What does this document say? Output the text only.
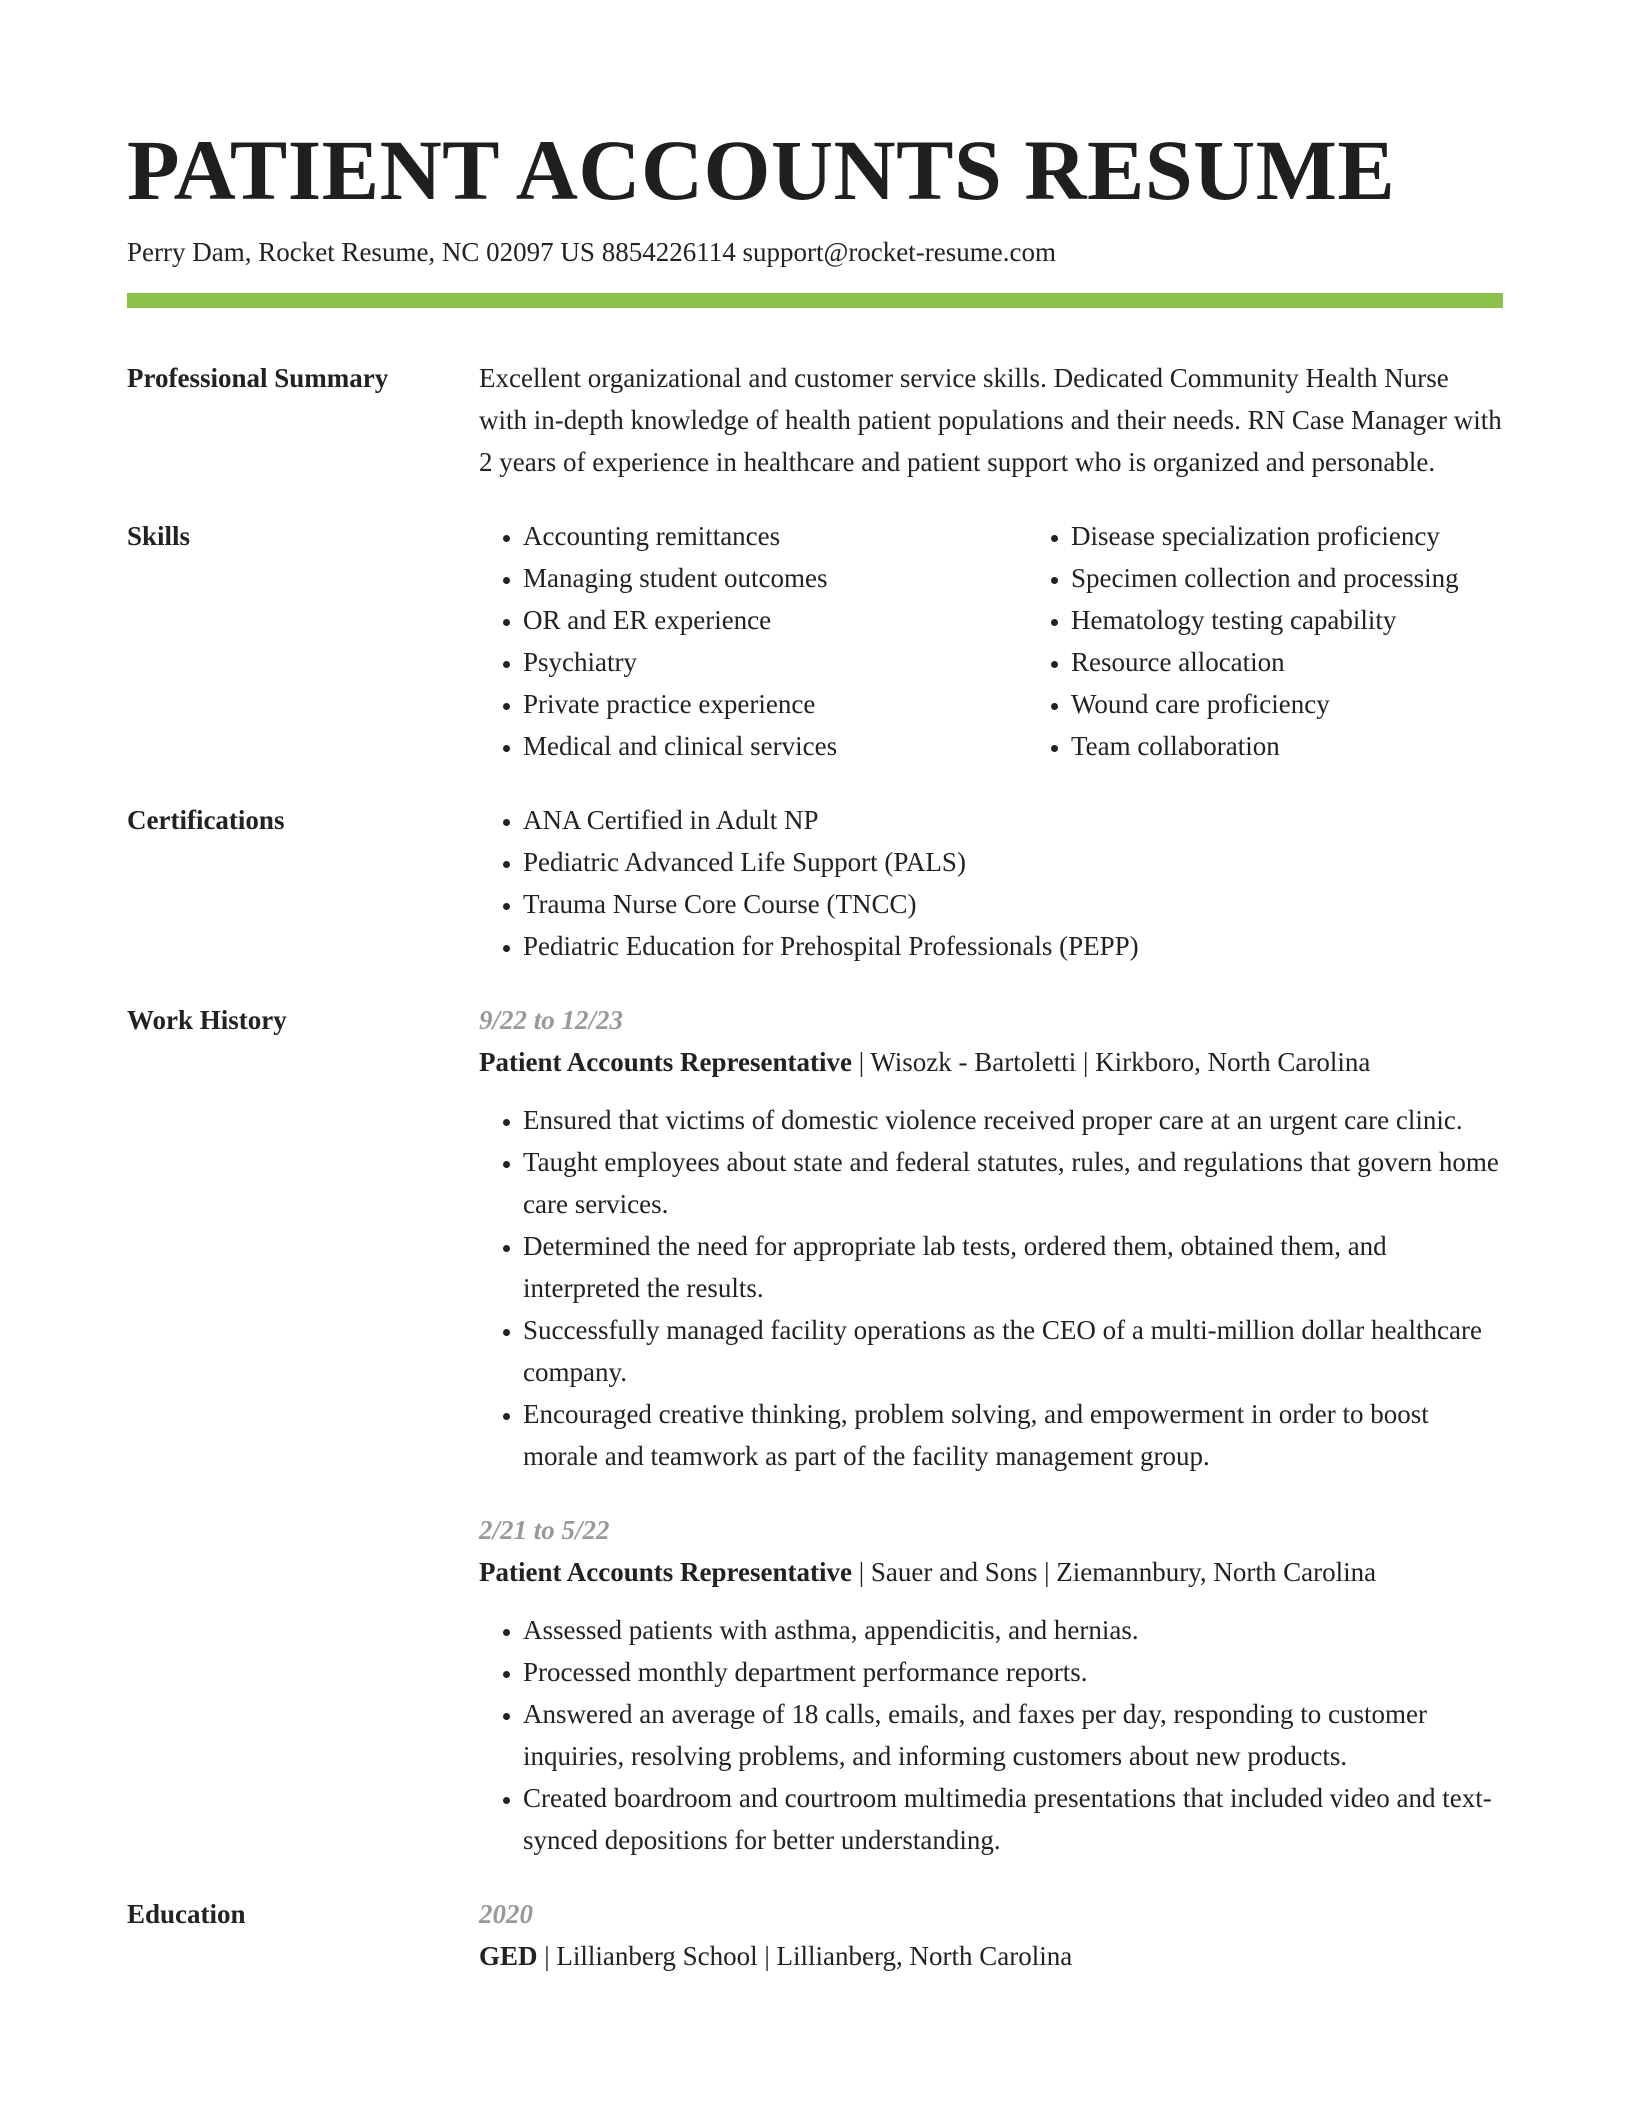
PATIENT ACCOUNTS RESUME
Perry Dam, Rocket Resume, NC 02097 US 8854226114 support@rocket-resume.com
Professional Summary	Excellent organizational and customer service skills. Dedicated Community Health Nurse with in-depth knowledge of health patient populations and their needs. RN Case Manager with 2 years of experience in healthcare and patient support who is organized and personable.
Skills	• Accounting remittances
• Managing student outcomes
• OR and ER experience
• Psychiatry
• Private practice experience
• Medical and clinical services
• Disease specialization proficiency
• Specimen collection and processing
• Hematology testing capability
• Resource allocation
• Wound care proficiency
• Team collaboration
Certifications	• ANA Certified in Adult NP
• Pediatric Advanced Life Support (PALS)
• Trauma Nurse Core Course (TNCC)
• Pediatric Education for Prehospital Professionals (PEPP)
Work History	9/22 to 12/23
Patient Accounts Representative | Wisozk - Bartoletti | Kirkboro, North Carolina
• Ensured that victims of domestic violence received proper care at an urgent care clinic.
• Taught employees about state and federal statutes, rules, and regulations that govern home care services.
• Determined the need for appropriate lab tests, ordered them, obtained them, and interpreted the results.
• Successfully managed facility operations as the CEO of a multi-million dollar healthcare company.
• Encouraged creative thinking, problem solving, and empowerment in order to boost morale and teamwork as part of the facility management group.
2/21 to 5/22
Patient Accounts Representative | Sauer and Sons | Ziemannbury, North Carolina
• Assessed patients with asthma, appendicitis, and hernias.
• Processed monthly department performance reports.
• Answered an average of 18 calls, emails, and faxes per day, responding to customer inquiries, resolving problems, and informing customers about new products.
• Created boardroom and courtroom multimedia presentations that included video and text-synced depositions for better understanding.
Education	2020
GED | Lillianberg School | Lillianberg, North Carolina
